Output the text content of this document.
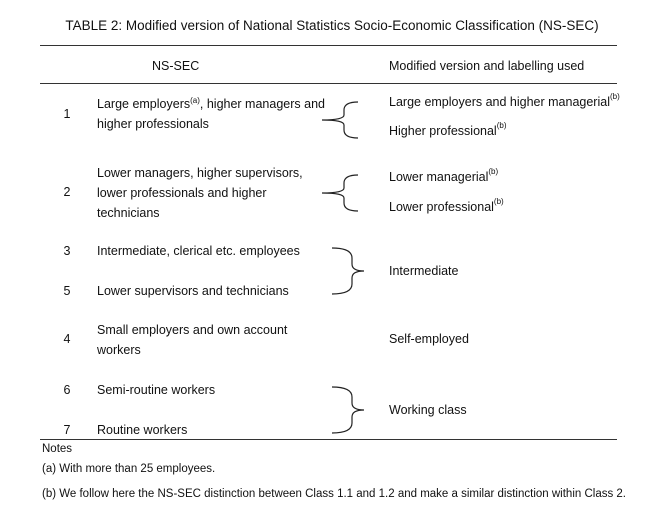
TABLE 2: Modified version of National Statistics Socio-Economic Classification (NS-SEC)
NS-SEC	Modified version and labelling used
1
Large employers$^{(a)}$, higher managers and
higher professionals
Large employers and higher managerial$^{(b)}$
Higher professional$^{(b)}$
2
Lower managers, higher supervisors,
lower professionals and higher
technicians
Lower managerial$^{(b)}$
Lower professional$^{(b)}$
3 Intermediate, clerical etc. employees
5 Lower supervisors and technicians
Intermediate
4
Small employers and own account
workers
Self-employed
6 Semi-routine workers
7 Routine workers
Working class
Notes
(a) With more than 25 employees.
(b) We follow here the NS-SEC distinction between Class 1.1 and 1.2 and make a similar distinction within Class 2.
